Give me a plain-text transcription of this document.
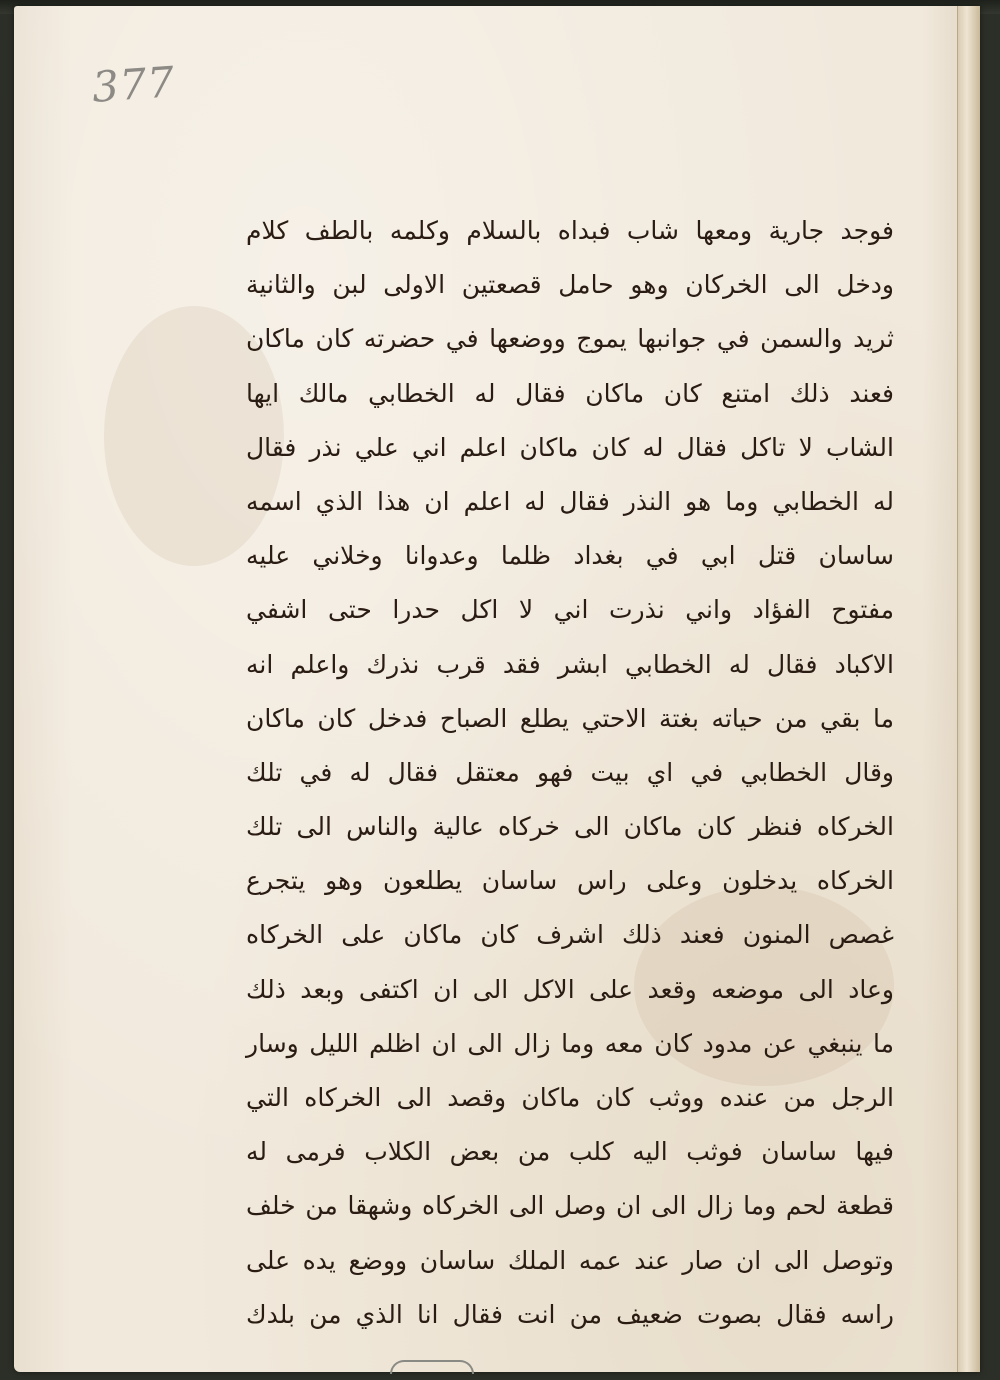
377
فوجد جارية ومعها شاب فبداه بالسلام وكلمه بالطف كلام
ودخل الى الخركان وهو حامل قصعتين الاولى لبن والثانية
ثريد والسمن في جوانبها يموج ووضعها في حضرته كان ماكان
فعند ذلك امتنع كان ماكان فقال له الخطابي مالك ايها
الشاب لا تاكل فقال له كان ماكان اعلم اني علي نذر فقال
له الخطابي وما هو النذر فقال له اعلم ان هذا الذي اسمه
ساسان قتل ابي في بغداد ظلما وعدوانا وخلاني عليه
مفتوح الفؤاد واني نذرت اني لا اكل حدرا حتى اشفي
الاكباد فقال له الخطابي ابشر فقد قرب نذرك واعلم انه
ما بقي من حياته بغتة الاحتي يطلع الصباح فدخل كان ماكان
وقال الخطابي في اي بيت فهو معتقل فقال له في تلك
الخركاه فنظر كان ماكان الى خركاه عالية والناس الى تلك
الخركاه يدخلون وعلى راس ساسان يطلعون وهو يتجرع
غصص المنون فعند ذلك اشرف كان ماكان على الخركاه
وعاد الى موضعه وقعد على الاكل الى ان اكتفى وبعد ذلك
ما ينبغي عن مدود كان معه وما زال الى ان اظلم الليل وسار
الرجل من عنده ووثب كان ماكان وقصد الى الخركاه التي
فيها ساسان فوثب اليه كلب من بعض الكلاب فرمى له
قطعة لحم وما زال الى ان وصل الى الخركاه وشهقا من خلف
وتوصل الى ان صار عند عمه الملك ساسان ووضع يده على
راسه فقال بصوت ضعيف من انت فقال انا الذي من بلدك
